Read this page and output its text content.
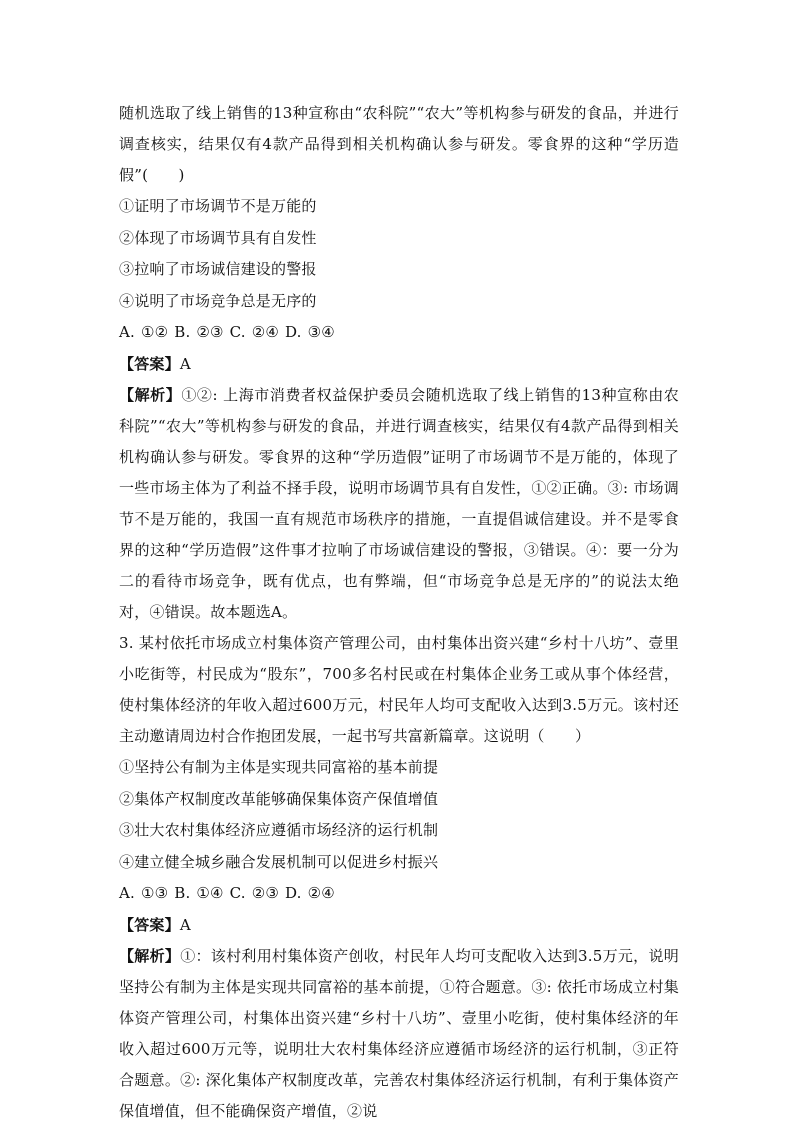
随机选取了线上销售的13种宣称由“农科院”“农大”等机构参与研发的食品，并进行调查核实，结果仅有4款产品得到相关机构确认参与研发。零食界的这种“学历造假”(　　)

①证明了市场调节不是万能的

②体现了市场调节具有自发性

③拉响了市场诚信建设的警报

④说明了市场竞争总是无序的

A. ①② B. ②③ C. ②④ D. ③④

【答案】A

【解析】①②: 上海市消费者权益保护委员会随机选取了线上销售的13种宣称由农科院”“农大”等机构参与研发的食品，并进行调查核实，结果仅有4款产品得到相关机构确认参与研发。零食界的这种“学历造假”证明了市场调节不是万能的，体现了一些市场主体为了利益不择手段，说明市场调节具有自发性，①②正确。③: 市场调节不是万能的，我国一直有规范市场秩序的措施，一直提倡诚信建设。并不是零食界的这种“学历造假”这件事才拉响了市场诚信建设的警报，③错误。④：要一分为二的看待市场竞争，既有优点，也有弊端，但“市场竞争总是无序的”的说法太绝对，④错误。故本题选A。

3. 某村依托市场成立村集体资产管理公司，由村集体出资兴建“乡村十八坊”、壹里小吃街等，村民成为“股东”，700多名村民或在村集体企业务工或从事个体经营，使村集体经济的年收入超过600万元，村民年人均可支配收入达到3.5万元。该村还主动邀请周边村合作抱团发展，一起书写共富新篇章。这说明（　　）

①坚持公有制为主体是实现共同富裕的基本前提

②集体产权制度改革能够确保集体资产保值增值

③壮大农村集体经济应遵循市场经济的运行机制

④建立健全城乡融合发展机制可以促进乡村振兴

A. ①③ B. ①④ C. ②③ D. ②④

【答案】A

【解析】①：该村利用村集体资产创收，村民年人均可支配收入达到3.5万元，说明坚持公有制为主体是实现共同富裕的基本前提，①符合题意。③: 依托市场成立村集体资产管理公司，村集体出资兴建“乡村十八坊”、壹里小吃街，使村集体经济的年收入超过600万元等，说明壮大农村集体经济应遵循市场经济的运行机制，③正符合题意。②: 深化集体产权制度改革，完善农村集体经济运行机制，有利于集体资产保值增值，但不能确保资产增值，②说
